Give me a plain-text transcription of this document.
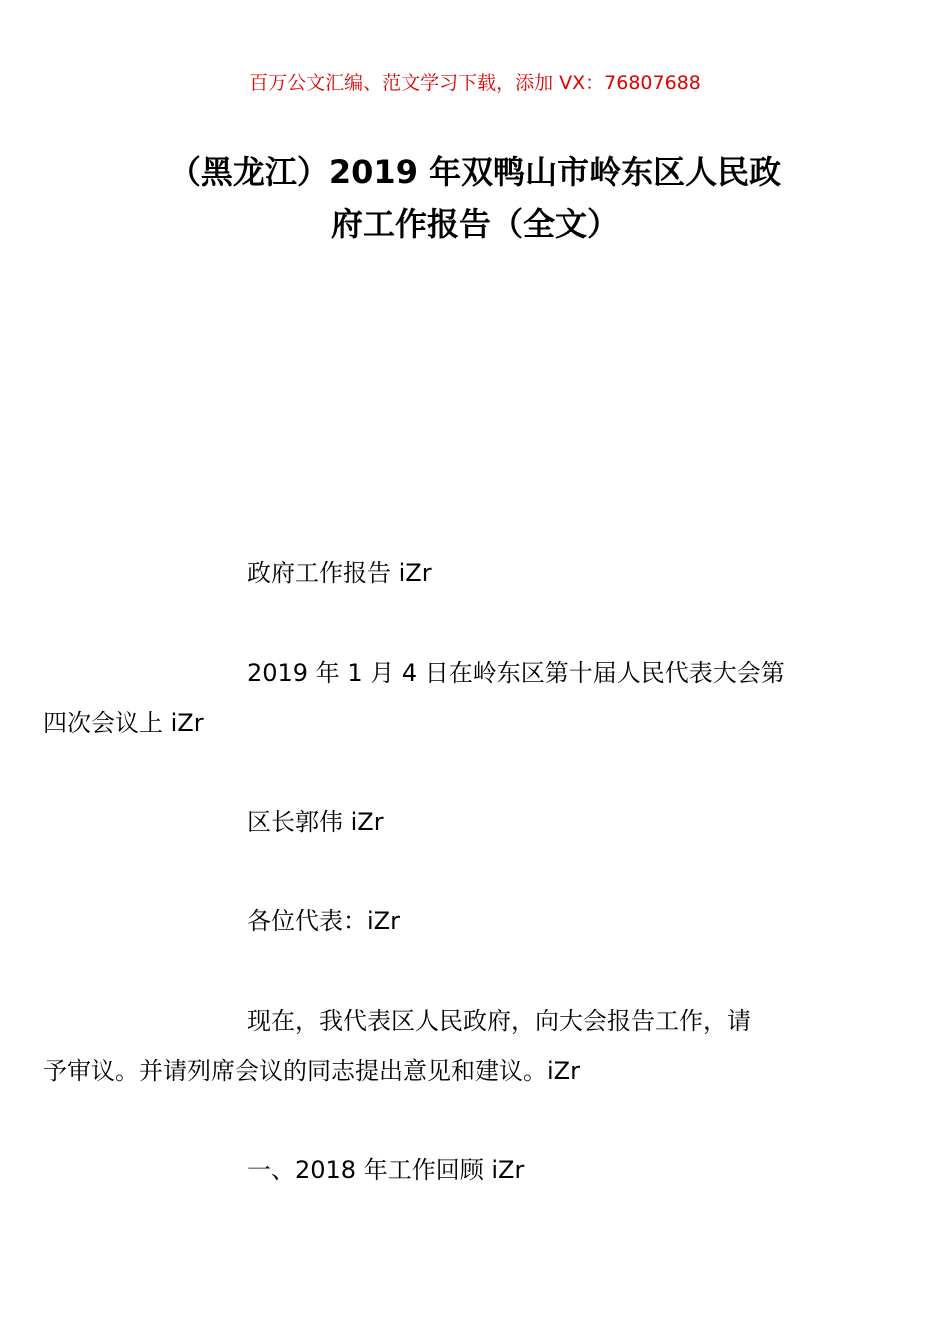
百万公文汇编、范文学习下载，添加 VX：76807688
（黑龙江）2019 年双鸭山市岭东区人民政
府工作报告（全文）

政府工作报告 iZr

2019 年 1 月 4 日在岭东区第十届人民代表大会第
四次会议上 iZr

区长郭伟 iZr

各位代表：iZr

现在，我代表区人民政府，向大会报告工作，请
予审议。并请列席会议的同志提出意见和建议。iZr

一、2018 年工作回顾 iZr
